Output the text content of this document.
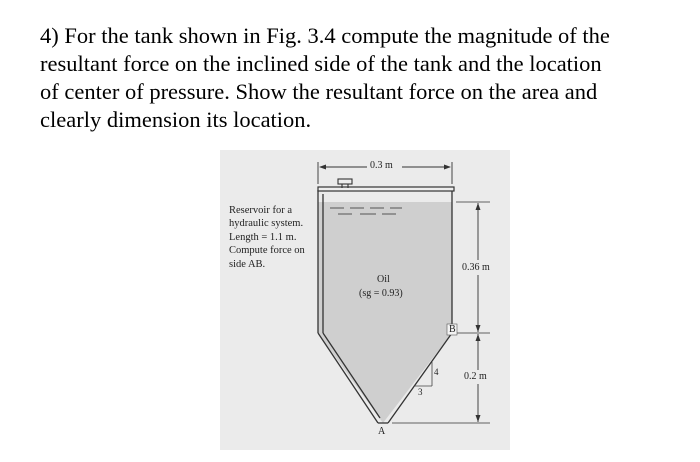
4) For the tank shown in Fig. 3.4 compute the magnitude of the
resultant force on the inclined side of the tank and the location
of center of pressure. Show the resultant force on the area and
clearly dimension its location.

Reservoir for a
hydraulic system.
Length = 1.1 m.
Compute force on
side AB.
0.3 m
0.36 m
0.2 m
Oil
(sg = 0.93)
B
A
4
3
